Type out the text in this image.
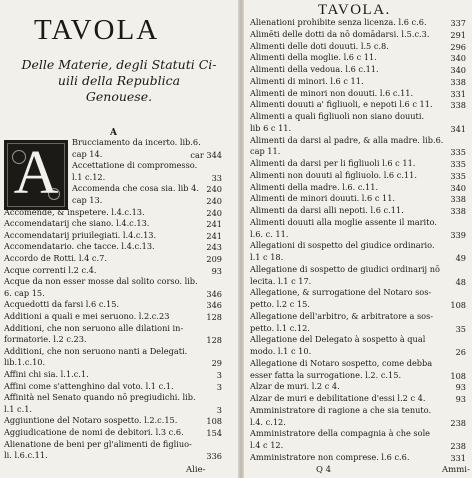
TAVOLA
Delle Materie, degli Statuti Ci-
uili della Republica
Genouese.
A
A	Brucciamento da incerto. lib.6.
cap 14.	car 344
Accettatione di compromesso.
l.1 c.12.	33
Accomenda che cosa sia. lib 4. 240
cap 13.	240
Accomende, & inspetere. l.4.c.13.	240
Accomendatarij che siano. l.4.c.13.	241
Accomendatarij priuilegiati. l.4.c.13.	241
Accomendatario. che tacce. l.4.c.13.	243
Accordo de Rotti. l.4 c.7.	209
Acque correnti l.2 c.4.	93
Acque da non esser mosse dal solito corso. lib.
6. cap 15.	346
Acquedotti da farsi l.6 c.15.	346
Additioni a quali e mei seruono. l.2.c.23	128
Additioni, che non seruono alle dilationi in-
formatorie. l.2 c.23.	128
Additioni, che non seruono nanti a Delegati.
lib.1.c.10.	29
Affini chi sia. l.1.c.1.	3
Affini come s'attenghino dal voto. l.1 c.1.	3
Affinità nel Senato quando nō pregiudichi. lib.
l.1 c.1.	3
Aggiuntione del Notaro sospetto. l.2.c.15.	108
Aggiudicatione de nomi de debitori. l.3 c.6.	154
Alienatione de beni per gl'alimenti de figliuo-
li. l.6.c.11.	336
Alie-
Alienationi prohibite senza licenza. l.6 c.6.	337
Alimēti delle dotti da nō domādarsi. l.5.c.3.	291
Alimenti delle doti douuti. l.5 c.8.	296
Alimenti della moglie. l.6 c 11.	340
Alimenti della vedoua. l.6 c.11.	340
Alimenti di minori. l.6 c 11.	338
Alimenti de minori non douuti. l.6 c.11.	331
Alimenti douuti a' figliuoli, e nepoti l.6 c 11. 338
Alimenti a quali figliuoli non siano douuti.
lib 6 c 11.	341
Alimenti da darsi al padre, & alla madre. lib.6.
cap 11.	335
Alimenti da darsi per li figliuoli l.6 c 11.	335
Alimenti non douuti al figliuolo. l.6 c.11.	335
Alimenti della madre. l.6. c.11.	340
Alimenti de minori douuti. l.6 c 11.	338
Alimenti da darsi alli nepoti. l.6 c.11.	338
Alimenti douuti alla moglie assente il marito.
l.6. c. 11.	339
Allegationi di sospetto del giudice ordinario.
l.1 c 18.	49
Allegatione di sospetto de giudici ordinarij nō
lecita. l.1 c 17.	48
Allegatione, & surrogatione del Notaro sos-
petto. l.2 c 15.	108
Allegatione dell'arbitro, & arbitratore a sos-
petto. l.1 c.12.	35
Allegatione del Delegato à sospetto à qual
modo. l.1 c 10.	26
Allegatione di Notaro sospetto, come debba
esser fatta la surrogatione. l.2. c.15.	108
Alzar de muri. l.2 c 4.	93
Alzar de muri e debilitatione d'essi l.2 c 4.	93
Amministratore di ragione a che sia tenuto.
l.4. c.12.	238
Amministratore della compagnia à che sole
l.4 c 12.	238
Amministratore non comprese. l.6 c.6.	331
Q 4	Ammi-
TAVOLA.
